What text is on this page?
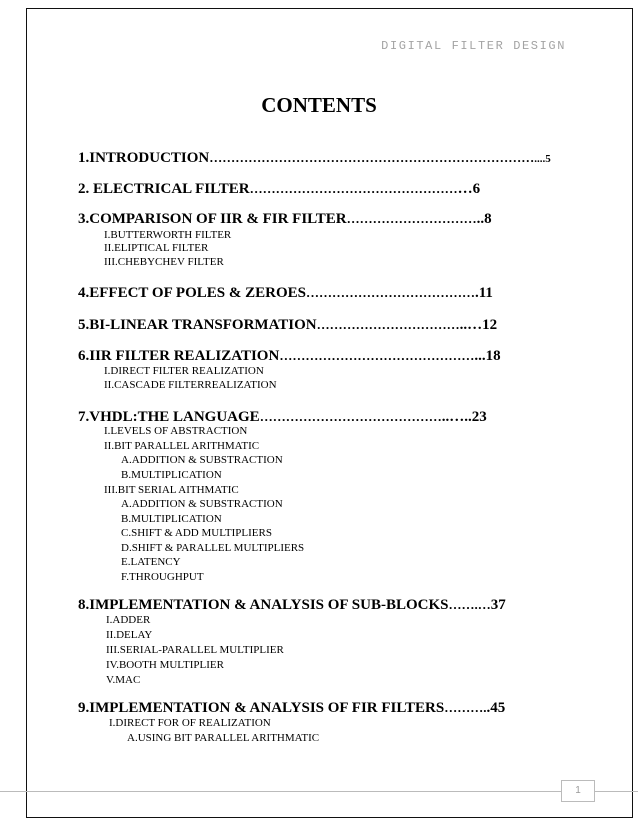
DIGITAL FILTER DESIGN
CONTENTS
1.INTRODUCTION…………………………………………………………………....5
2. ELECTRICAL FILTER……………………………………………6
3.COMPARISON OF IIR & FIR FILTER…………………………..8
I.BUTTERWORTH FILTER
II.ELIPTICAL FILTER
III.CHEBYCHEV FILTER
4.EFFECT OF POLES & ZEROES………………………………….11
5.BI-LINEAR TRANSFORMATION……………………………..…12
6.IIR FILTER REALIZATION………………………………………...18
I.DIRECT FILTER REALIZATION
II.CASCADE FILTERREALIZATION
7.VHDL:THE LANGUAGE……………………………………..…..23
I.LEVELS OF ABSTRACTION
II.BIT PARALLEL ARITHMATIC
A.ADDITION & SUBSTRACTION
B.MULTIPLICATION
III.BIT SERIAL AITHMATIC
A.ADDITION & SUBSTRACTION
B.MULTIPLICATION
C.SHIFT & ADD MULTIPLIERS
D.SHIFT & PARALLEL MULTIPLIERS
E.LATENCY
F.THROUGHPUT
8.IMPLEMENTATION & ANALYSIS OF SUB-BLOCKS…….…37
I.ADDER
II.DELAY
III.SERIAL-PARALLEL MULTIPLIER
IV.BOOTH MULTIPLIER
V.MAC
9.IMPLEMENTATION & ANALYSIS OF FIR FILTERS………..45
I.DIRECT FOR OF REALIZATION
A.USING BIT PARALLEL ARITHMATIC
1
